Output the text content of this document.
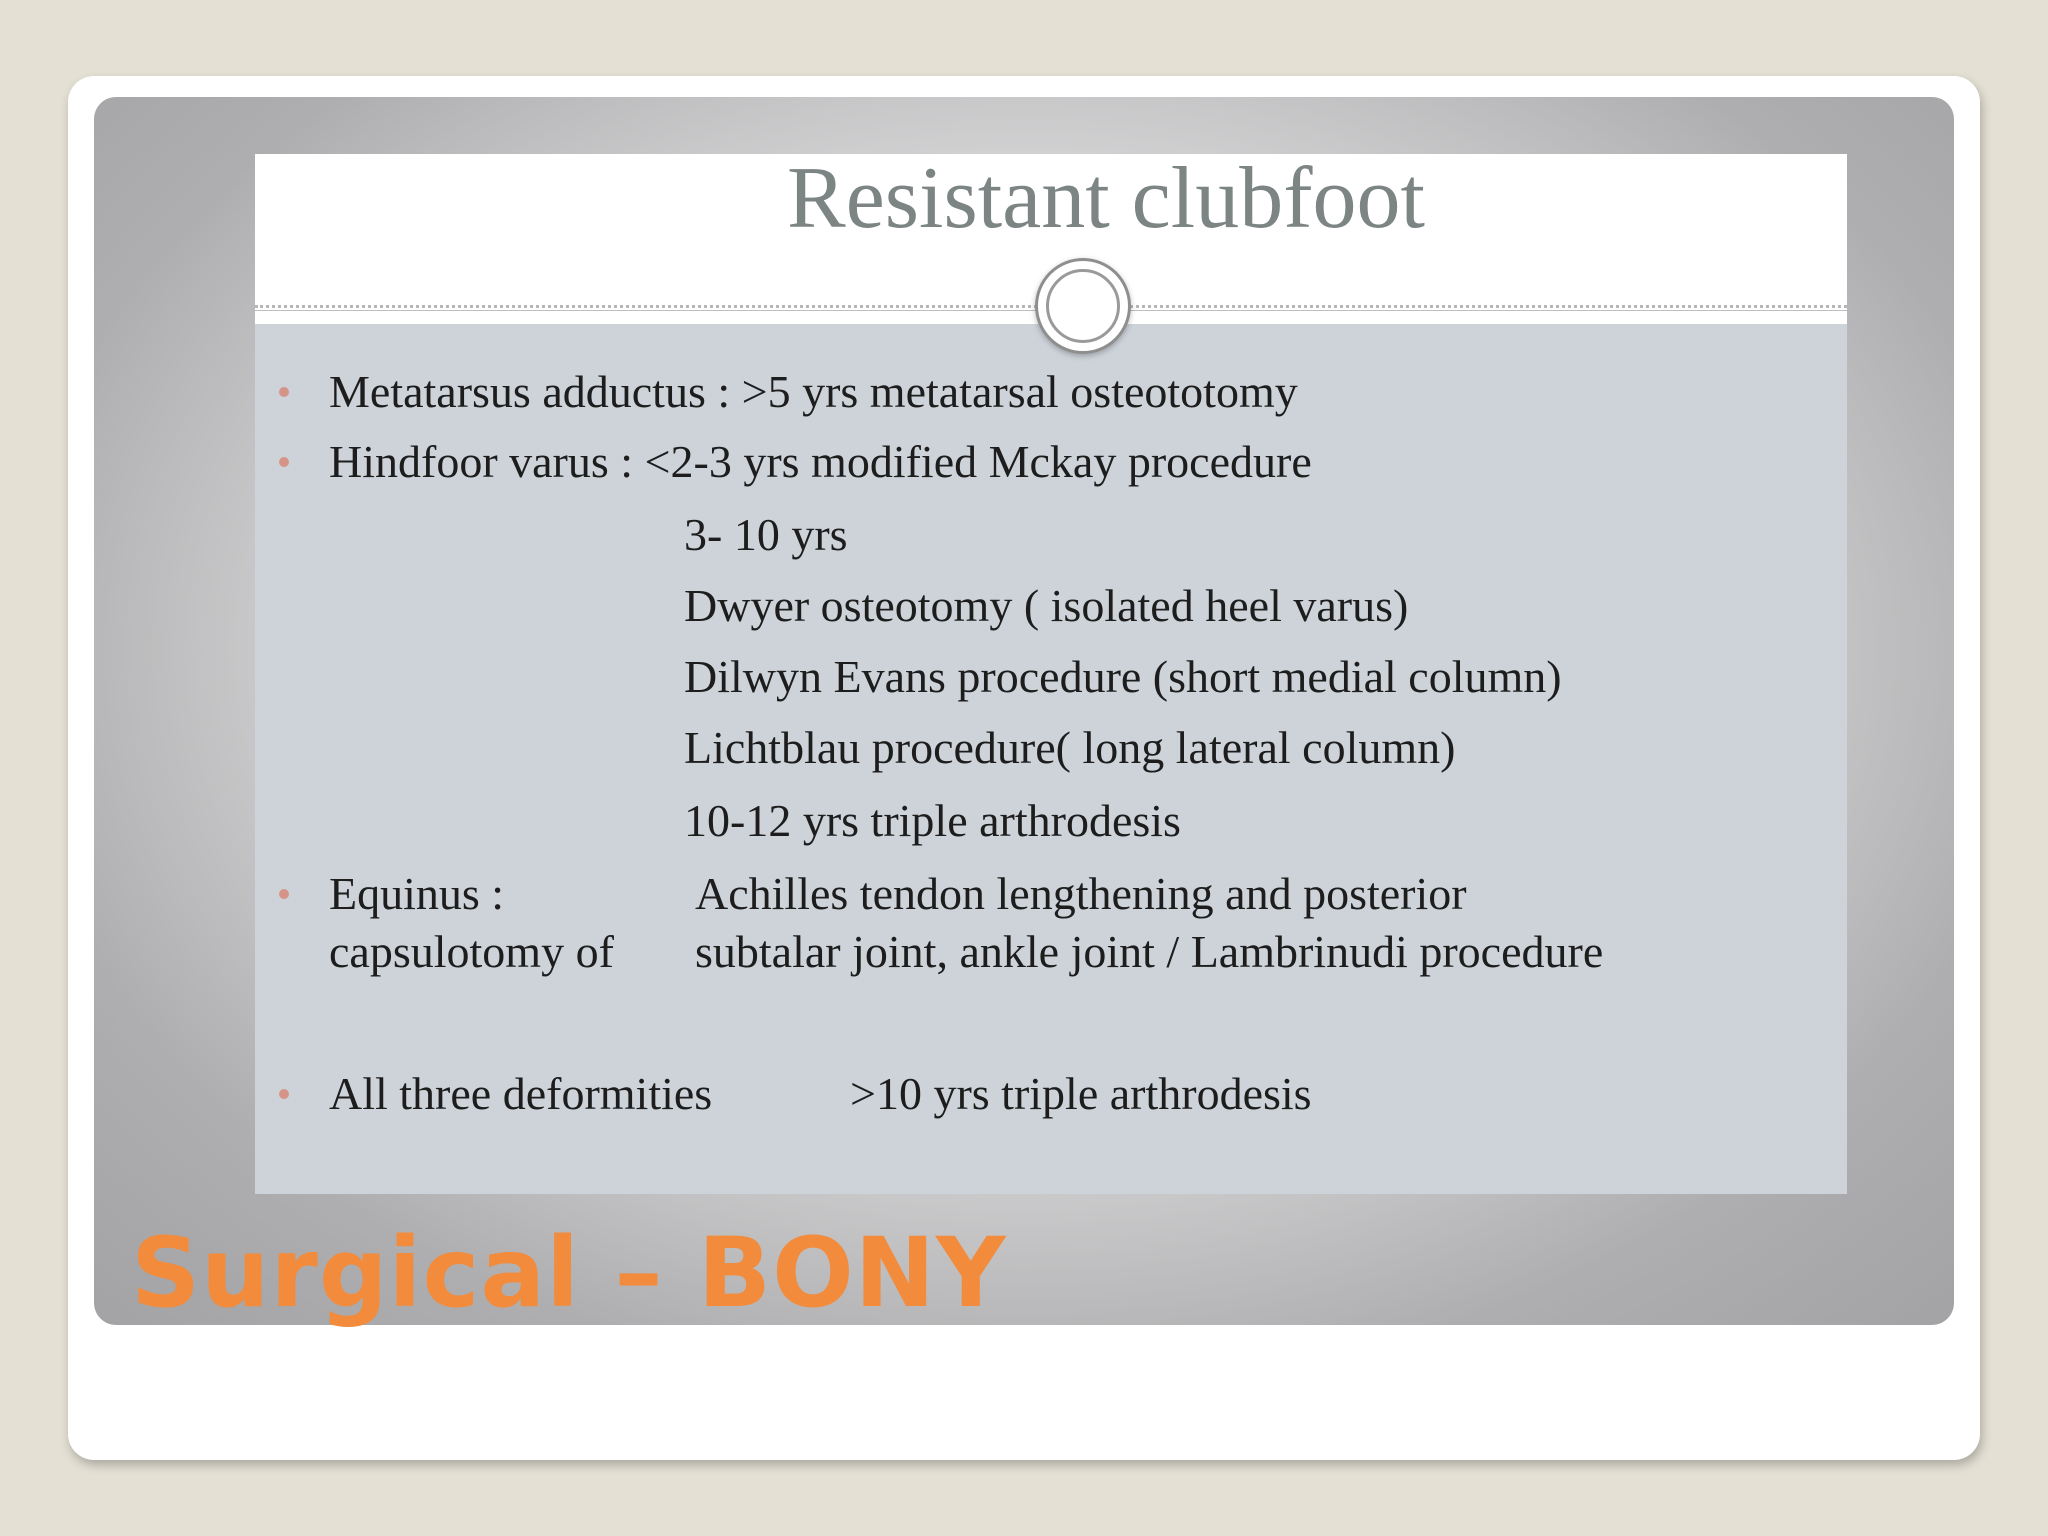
Resistant clubfoot
Metatarsus adductus : >5 yrs metatarsal osteototomy
Hindfoor varus : <2-3 yrs modified Mckay procedure
3- 10 yrs
Dwyer osteotomy ( isolated heel varus)
Dilwyn Evans procedure (short medial column)
Lichtblau procedure( long lateral column)
10-12 yrs triple arthrodesis
Equinus :	Achilles tendon lengthening and posterior
capsulotomy of subtalar joint, ankle joint / Lambrinudi procedure
All three deformities	>10 yrs triple arthrodesis
Surgical – BONY
